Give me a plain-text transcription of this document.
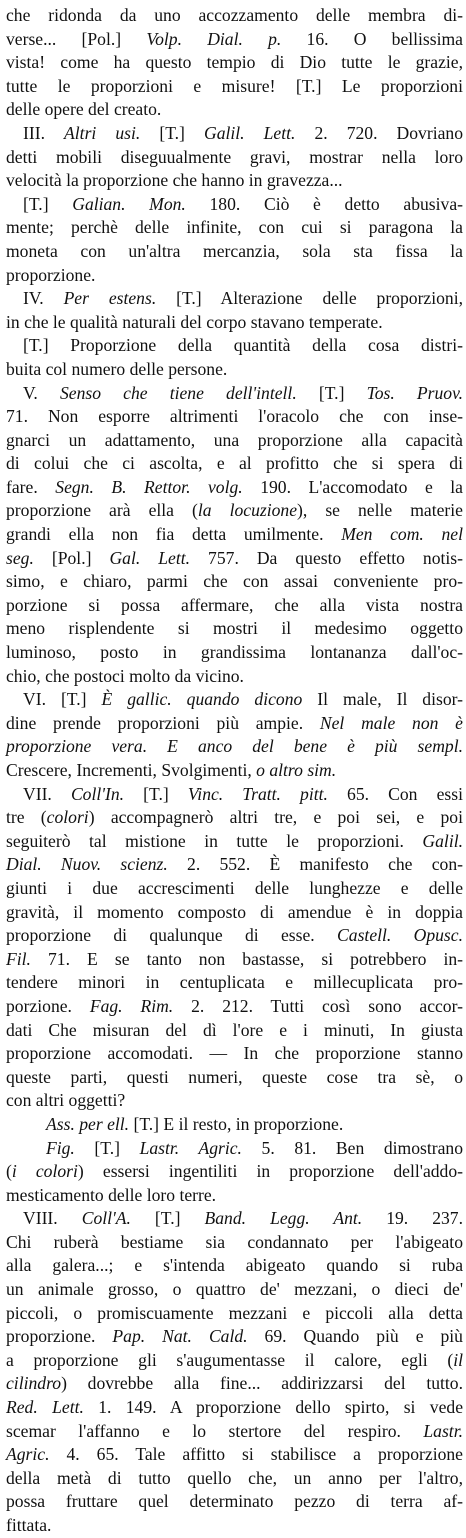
che ridonda da uno accozzamento delle membra di-
verse... [Pol.] Volp. Dial. p. 16. O bellissima
vista! come ha questo tempio di Dio tutte le grazie,
tutte le proporzioni e misure! [T.] Le proporzioni
delle opere del creato.
III. Altri usi. [T.] Galil. Lett. 2. 720. Dovriano
detti mobili diseguualmente gravi, mostrar nella loro
velocità la proporzione che hanno in gravezza...
[T.] Galian. Mon. 180. Ciò è detto abusiva-
mente; perchè delle infinite, con cui si paragona la
moneta con un'altra mercanzia, sola sta fissa la
proporzione.
IV. Per estens. [T.] Alterazione delle proporzioni,
in che le qualità naturali del corpo stavano temperate.
[T.] Proporzione della quantità della cosa distri-
buita col numero delle persone.
V. Senso che tiene dell'intell. [T.] Tos. Pruov.
71. Non esporre altrimenti l'oracolo che con inse-
gnarci un adattamento, una proporzione alla capacità
di colui che ci ascolta, e al profitto che si spera di
fare. Segn. B. Rettor. volg. 190. L'accomodato e la
proporzione arà ella (la locuzione), se nelle materie
grandi ella non fia detta umilmente. Men com. nel
seg. [Pol.] Gal. Lett. 757. Da questo effetto notis-
simo, e chiaro, parmi che con assai conveniente pro-
porzione si possa affermare, che alla vista nostra
meno risplendente si mostri il medesimo oggetto
luminoso, posto in grandissima lontananza dall'oc-
chio, che postoci molto da vicino.
VI. [T.] È gallic. quando dicono Il male, Il disor-
dine prende proporzioni più ampie. Nel male non è
proporzione vera. E anco del bene è più sempl.
Crescere, Incrementi, Svolgimenti, o altro sim.
VII. Coll'In. [T.] Vinc. Tratt. pitt. 65. Con essi
tre (colori) accompagnerò altri tre, e poi sei, e poi
seguiterò tal mistione in tutte le proporzioni. Galil.
Dial. Nuov. scienz. 2. 552. È manifesto che con-
giunti i due accrescimenti delle lunghezze e delle
gravità, il momento composto di amendue è in doppia
proporzione di qualunque di esse. Castell. Opusc.
Fil. 71. E se tanto non bastasse, si potrebbero in-
tendere minori in centuplicata e millecuplicata pro-
porzione. Fag. Rim. 2. 212. Tutti così sono accor-
dati Che misuran del dì l'ore e i minuti, In giusta
proporzione accomodati. — In che proporzione stanno
queste parti, questi numeri, queste cose tra sè, o
con altri oggetti?
Ass. per ell. [T.] E il resto, in proporzione.
Fig. [T.] Lastr. Agric. 5. 81. Ben dimostrano
(i colori) essersi ingentiliti in proporzione dell'addo-
mesticamento delle loro terre.
VIII. Coll'A. [T.] Band. Legg. Ant. 19. 237.
Chi ruberà bestiame sia condannato per l'abigeato
alla galera...; e s'intenda abigeato quando si ruba
un animale grosso, o quattro de' mezzani, o dieci de'
piccoli, o promiscuamente mezzani e piccoli alla detta
proporzione. Pap. Nat. Cald. 69. Quando più e più
a proporzione gli s'augumentasse il calore, egli (il
cilindro) dovrebbe alla fine... addirizzarsi del tutto.
Red. Lett. 1. 149. A proporzione dello spirto, si vede
scemar l'affanno e lo stertore del respiro. Lastr.
Agric. 4. 65. Tale affitto si stabilisce a proporzione
della metà di tutto quello che, un anno per l'altro,
possa fruttare quel determinato pezzo di terra af-
fittata.
